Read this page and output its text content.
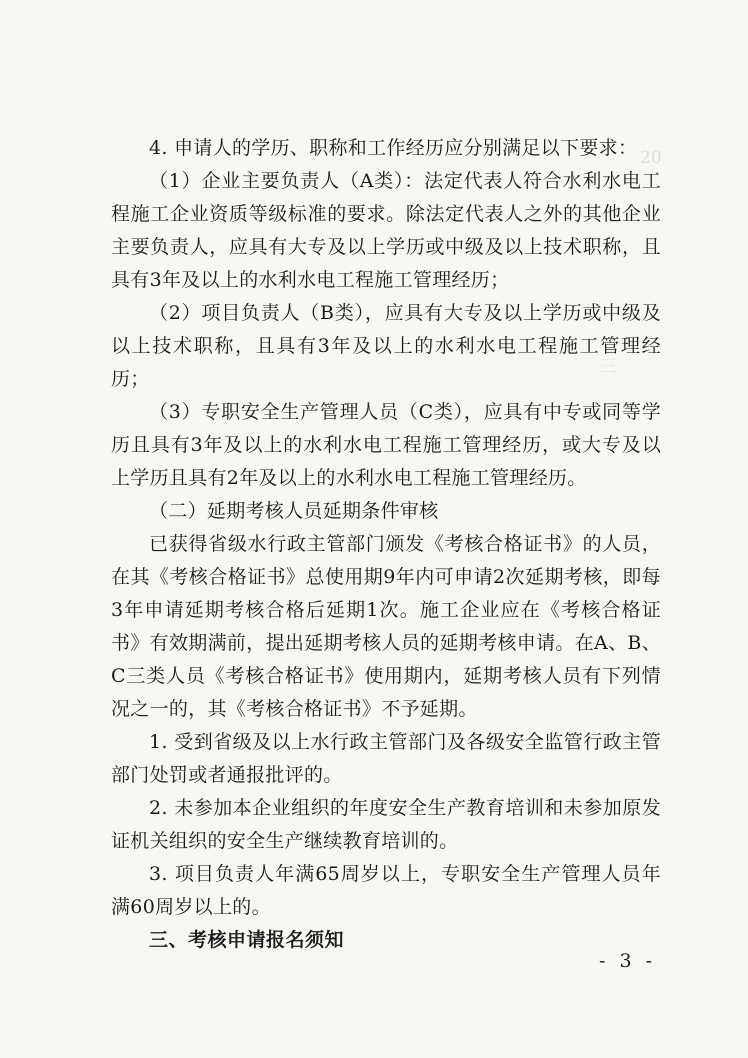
20
三

4. 申请人的学历、职称和工作经历应分别满足以下要求：

（1）企业主要负责人（A类）：法定代表人符合水利水电工程施工企业资质等级标准的要求。除法定代表人之外的其他企业主要负责人，应具有大专及以上学历或中级及以上技术职称，且具有3年及以上的水利水电工程施工管理经历；

（2）项目负责人（B类），应具有大专及以上学历或中级及以上技术职称，且具有3年及以上的水利水电工程施工管理经历；

（3）专职安全生产管理人员（C类），应具有中专或同等学历且具有3年及以上的水利水电工程施工管理经历，或大专及以上学历且具有2年及以上的水利水电工程施工管理经历。

（二）延期考核人员延期条件审核

已获得省级水行政主管部门颁发《考核合格证书》的人员，在其《考核合格证书》总使用期9年内可申请2次延期考核，即每3年申请延期考核合格后延期1次。施工企业应在《考核合格证书》有效期满前，提出延期考核人员的延期考核申请。在A、B、C三类人员《考核合格证书》使用期内，延期考核人员有下列情况之一的，其《考核合格证书》不予延期。

1. 受到省级及以上水行政主管部门及各级安全监管行政主管部门处罚或者通报批评的。

2. 未参加本企业组织的年度安全生产教育培训和未参加原发证机关组织的安全生产继续教育培训的。

3. 项目负责人年满65周岁以上，专职安全生产管理人员年满60周岁以上的。

三、考核申请报名须知

- 3 -
